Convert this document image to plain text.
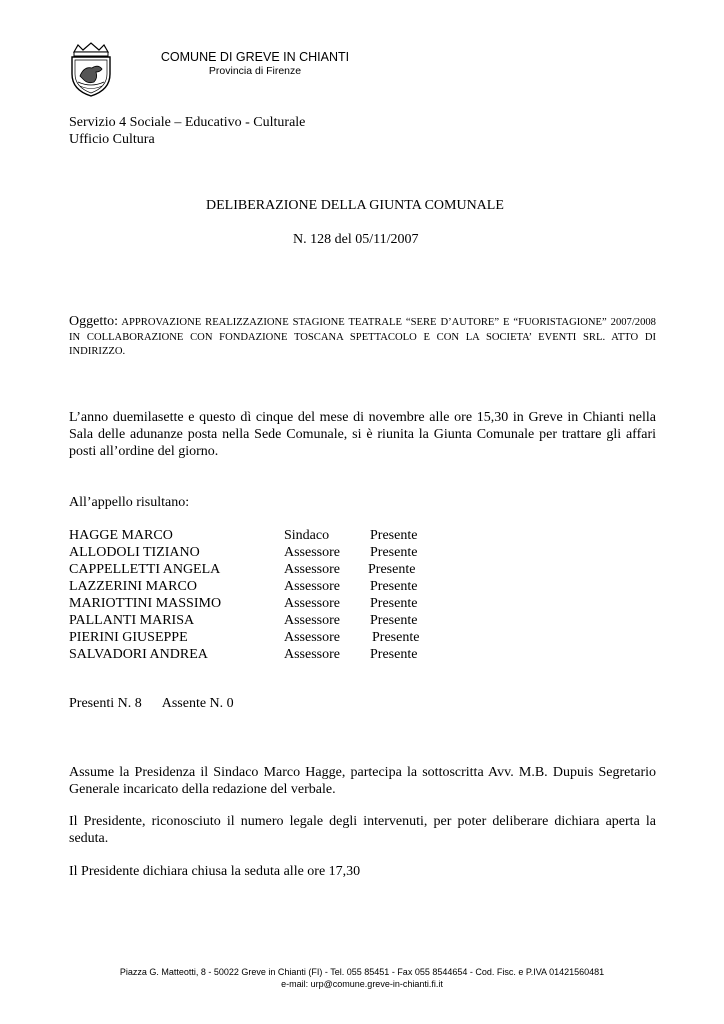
COMUNE DI GREVE IN CHIANTI
Provincia di Firenze
Servizio 4 Sociale – Educativo - Culturale
Ufficio Cultura
DELIBERAZIONE DELLA GIUNTA COMUNALE
N. 128 del 05/11/2007
Oggetto: APPROVAZIONE REALIZZAZIONE STAGIONE TEATRALE “SERE D’AUTORE” E “FUORISTAGIONE” 2007/2008 IN COLLABORAZIONE CON FONDAZIONE TOSCANA SPETTACOLO E CON LA SOCIETA’ EVENTI SRL. ATTO DI INDIRIZZO.
L’anno duemilasette e questo dì cinque del mese di novembre alle ore 15,30 in Greve in Chianti nella Sala delle adunanze posta nella Sede Comunale, si è riunita la Giunta Comunale per trattare gli affari posti all’ordine del giorno.
All’appello risultano:
HAGGE MARCO	Sindaco	Presente
ALLODOLI TIZIANO	Assessore Presente
CAPPELLETTI ANGELA	Assessore Presente
LAZZERINI MARCO	Assessore Presente
MARIOTTINI MASSIMO	Assessore Presente
PALLANTI MARISA	Assessore Presente
PIERINI GIUSEPPE	Assessore Presente
SALVADORI ANDREA	Assessore Presente
Presenti N. 8 Assente N. 0
Assume la Presidenza il Sindaco Marco Hagge, partecipa la sottoscritta Avv. M.B. Dupuis Segretario Generale incaricato della redazione del verbale.
Il Presidente, riconosciuto il numero legale degli intervenuti, per poter deliberare dichiara aperta la seduta.
Il Presidente dichiara chiusa la seduta alle ore 17,30
Piazza G. Matteotti, 8 - 50022 Greve in Chianti (FI) - Tel. 055 85451 - Fax 055 8544654 - Cod. Fisc. e P.IVA 01421560481
e-mail: urp@comune.greve-in-chianti.fi.it
